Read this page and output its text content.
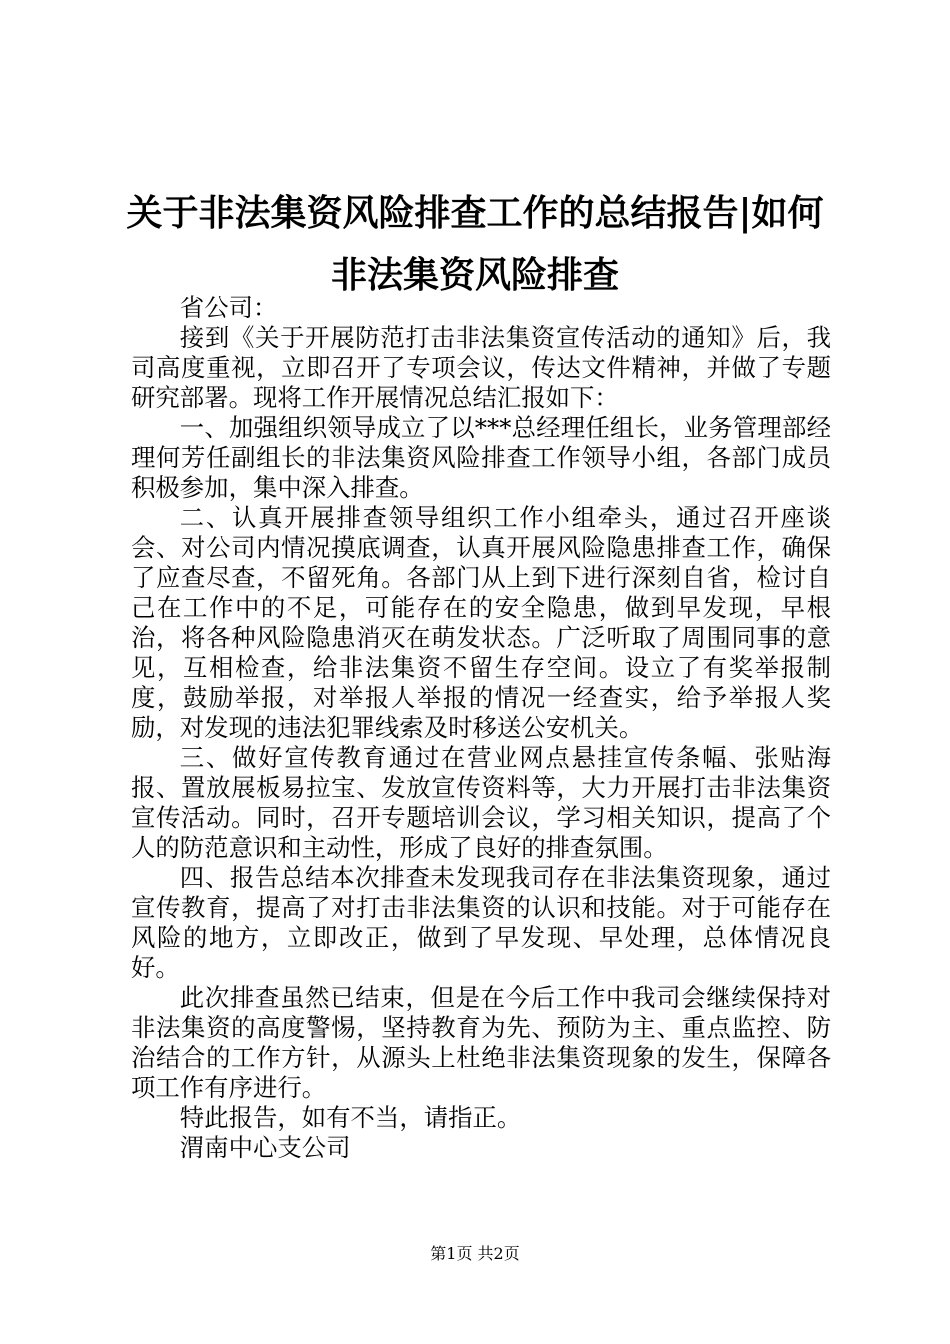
关于非法集资风险排查工作的总结报告|如何非法集资风险排查

省公司：

接到《关于开展防范打击非法集资宣传活动的通知》后，我司高度重视，立即召开了专项会议，传达文件精神，并做了专题研究部署。现将工作开展情况总结汇报如下：

一、加强组织领导成立了以***总经理任组长，业务管理部经理何芳任副组长的非法集资风险排查工作领导小组，各部门成员积极参加，集中深入排查。

二、认真开展排查领导组织工作小组牵头，通过召开座谈会、对公司内情况摸底调查，认真开展风险隐患排查工作，确保了应查尽查，不留死角。各部门从上到下进行深刻自省，检讨自己在工作中的不足，可能存在的安全隐患，做到早发现，早根治，将各种风险隐患消灭在萌发状态。广泛听取了周围同事的意见，互相检查，给非法集资不留生存空间。设立了有奖举报制度，鼓励举报，对举报人举报的情况一经查实，给予举报人奖励，对发现的违法犯罪线索及时移送公安机关。

三、做好宣传教育通过在营业网点悬挂宣传条幅、张贴海报、置放展板易拉宝、发放宣传资料等，大力开展打击非法集资宣传活动。同时，召开专题培训会议，学习相关知识，提高了个人的防范意识和主动性，形成了良好的排查氛围。

四、报告总结本次排查未发现我司存在非法集资现象，通过宣传教育，提高了对打击非法集资的认识和技能。对于可能存在风险的地方，立即改正，做到了早发现、早处理，总体情况良好。

此次排查虽然已结束，但是在今后工作中我司会继续保持对非法集资的高度警惕，坚持教育为先、预防为主、重点监控、防治结合的工作方针，从源头上杜绝非法集资现象的发生，保障各项工作有序进行。

特此报告，如有不当，请指正。

渭南中心支公司

第1页 共2页
